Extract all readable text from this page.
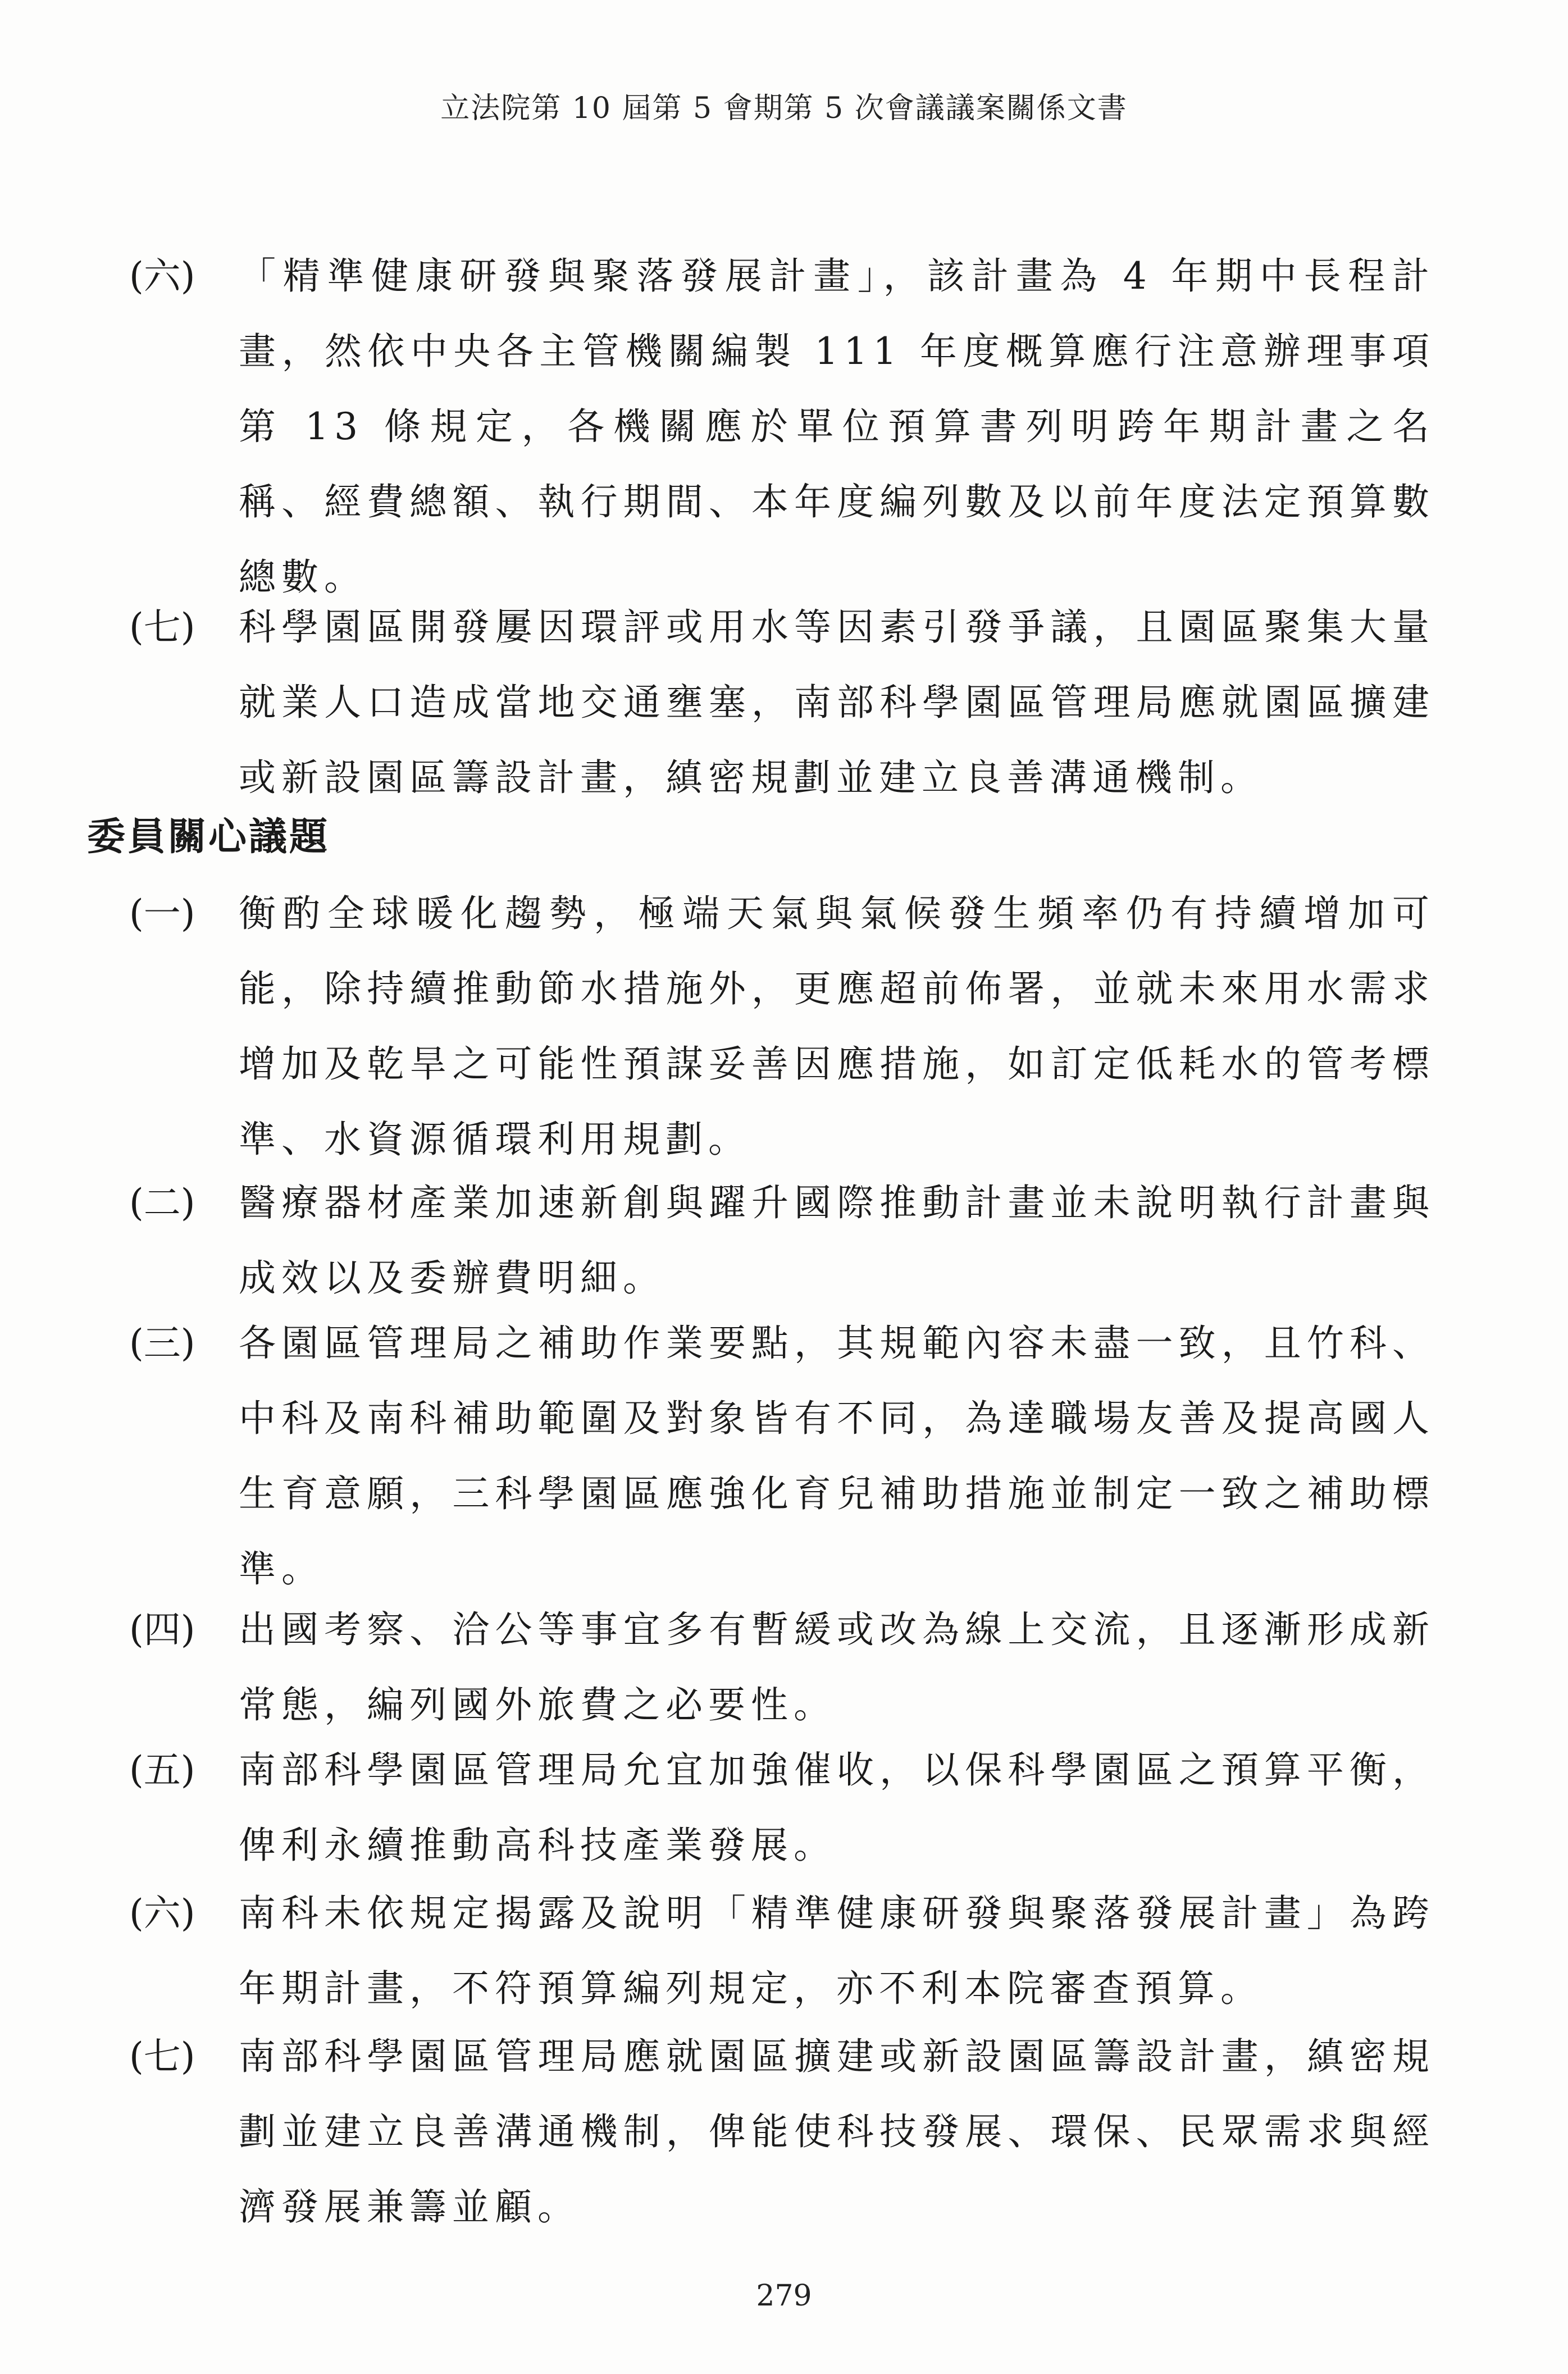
立法院第 10 屆第 5 會期第 5 次會議議案關係文書
(六) 「精準健康研發與聚落發展計畫」，該計畫為 4 年期中長程計畫，然依中央各主管機關編製 111 年度概算應行注意辦理事項第 13 條規定，各機關應於單位預算書列明跨年期計畫之名稱、經費總額、執行期間、本年度編列數及以前年度法定預算數總數。
(七) 科學園區開發屢因環評或用水等因素引發爭議，且園區聚集大量就業人口造成當地交通壅塞，南部科學園區管理局應就園區擴建或新設園區籌設計畫，縝密規劃並建立良善溝通機制。
委員關心議題
(一) 衡酌全球暖化趨勢，極端天氣與氣候發生頻率仍有持續增加可能，除持續推動節水措施外，更應超前佈署，並就未來用水需求增加及乾旱之可能性預謀妥善因應措施，如訂定低耗水的管考標準、水資源循環利用規劃。
(二) 醫療器材產業加速新創與躍升國際推動計畫並未說明執行計畫與成效以及委辦費明細。
(三) 各園區管理局之補助作業要點，其規範內容未盡一致，且竹科、中科及南科補助範圍及對象皆有不同，為達職場友善及提高國人生育意願，三科學園區應強化育兒補助措施並制定一致之補助標準。
(四) 出國考察、洽公等事宜多有暫緩或改為線上交流，且逐漸形成新常態，編列國外旅費之必要性。
(五) 南部科學園區管理局允宜加強催收，以保科學園區之預算平衡，俾利永續推動高科技產業發展。
(六) 南科未依規定揭露及說明「精準健康研發與聚落發展計畫」為跨年期計畫，不符預算編列規定，亦不利本院審查預算。
(七) 南部科學園區管理局應就園區擴建或新設園區籌設計畫，縝密規劃並建立良善溝通機制，俾能使科技發展、環保、民眾需求與經濟發展兼籌並顧。
279
